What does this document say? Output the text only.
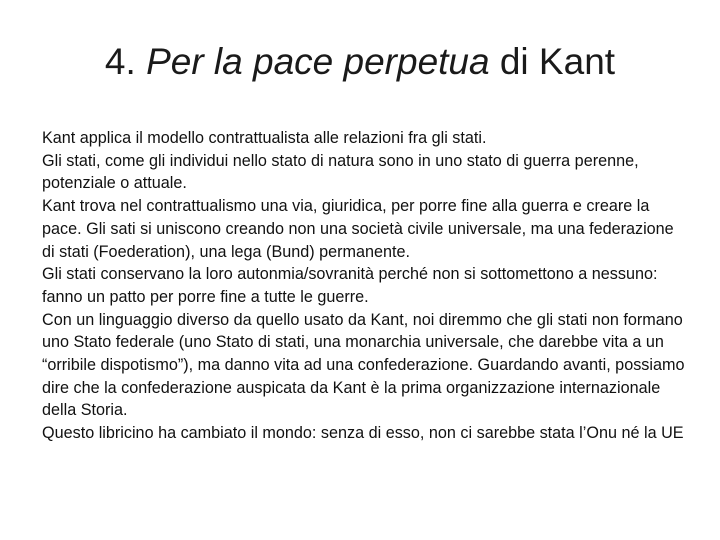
4. Per la pace perpetua di Kant

Kant applica il modello contrattualista alle relazioni fra gli stati.

Gli stati, come gli individui nello stato di natura sono in uno stato di guerra perenne, potenziale o attuale.

Kant trova nel contrattualismo una via, giuridica, per porre fine alla guerra e creare la pace. Gli sati si uniscono creando non una società civile universale, ma una federazione di stati (Foederation), una lega (Bund) permanente.

Gli stati conservano la loro autonmia/sovranità perché non si sottomettono a nessuno: fanno un patto per porre fine a tutte le guerre.

Con un linguaggio diverso da quello usato da Kant, noi diremmo che gli stati non formano uno Stato federale (uno Stato di stati, una monarchia universale, che darebbe vita a un “orribile dispotismo”), ma danno vita ad una confederazione. Guardando avanti, possiamo dire che la confederazione auspicata da Kant è la prima organizzazione internazionale della Storia.

Questo libricino ha cambiato il mondo: senza di esso, non ci sarebbe stata l’Onu né la UE
